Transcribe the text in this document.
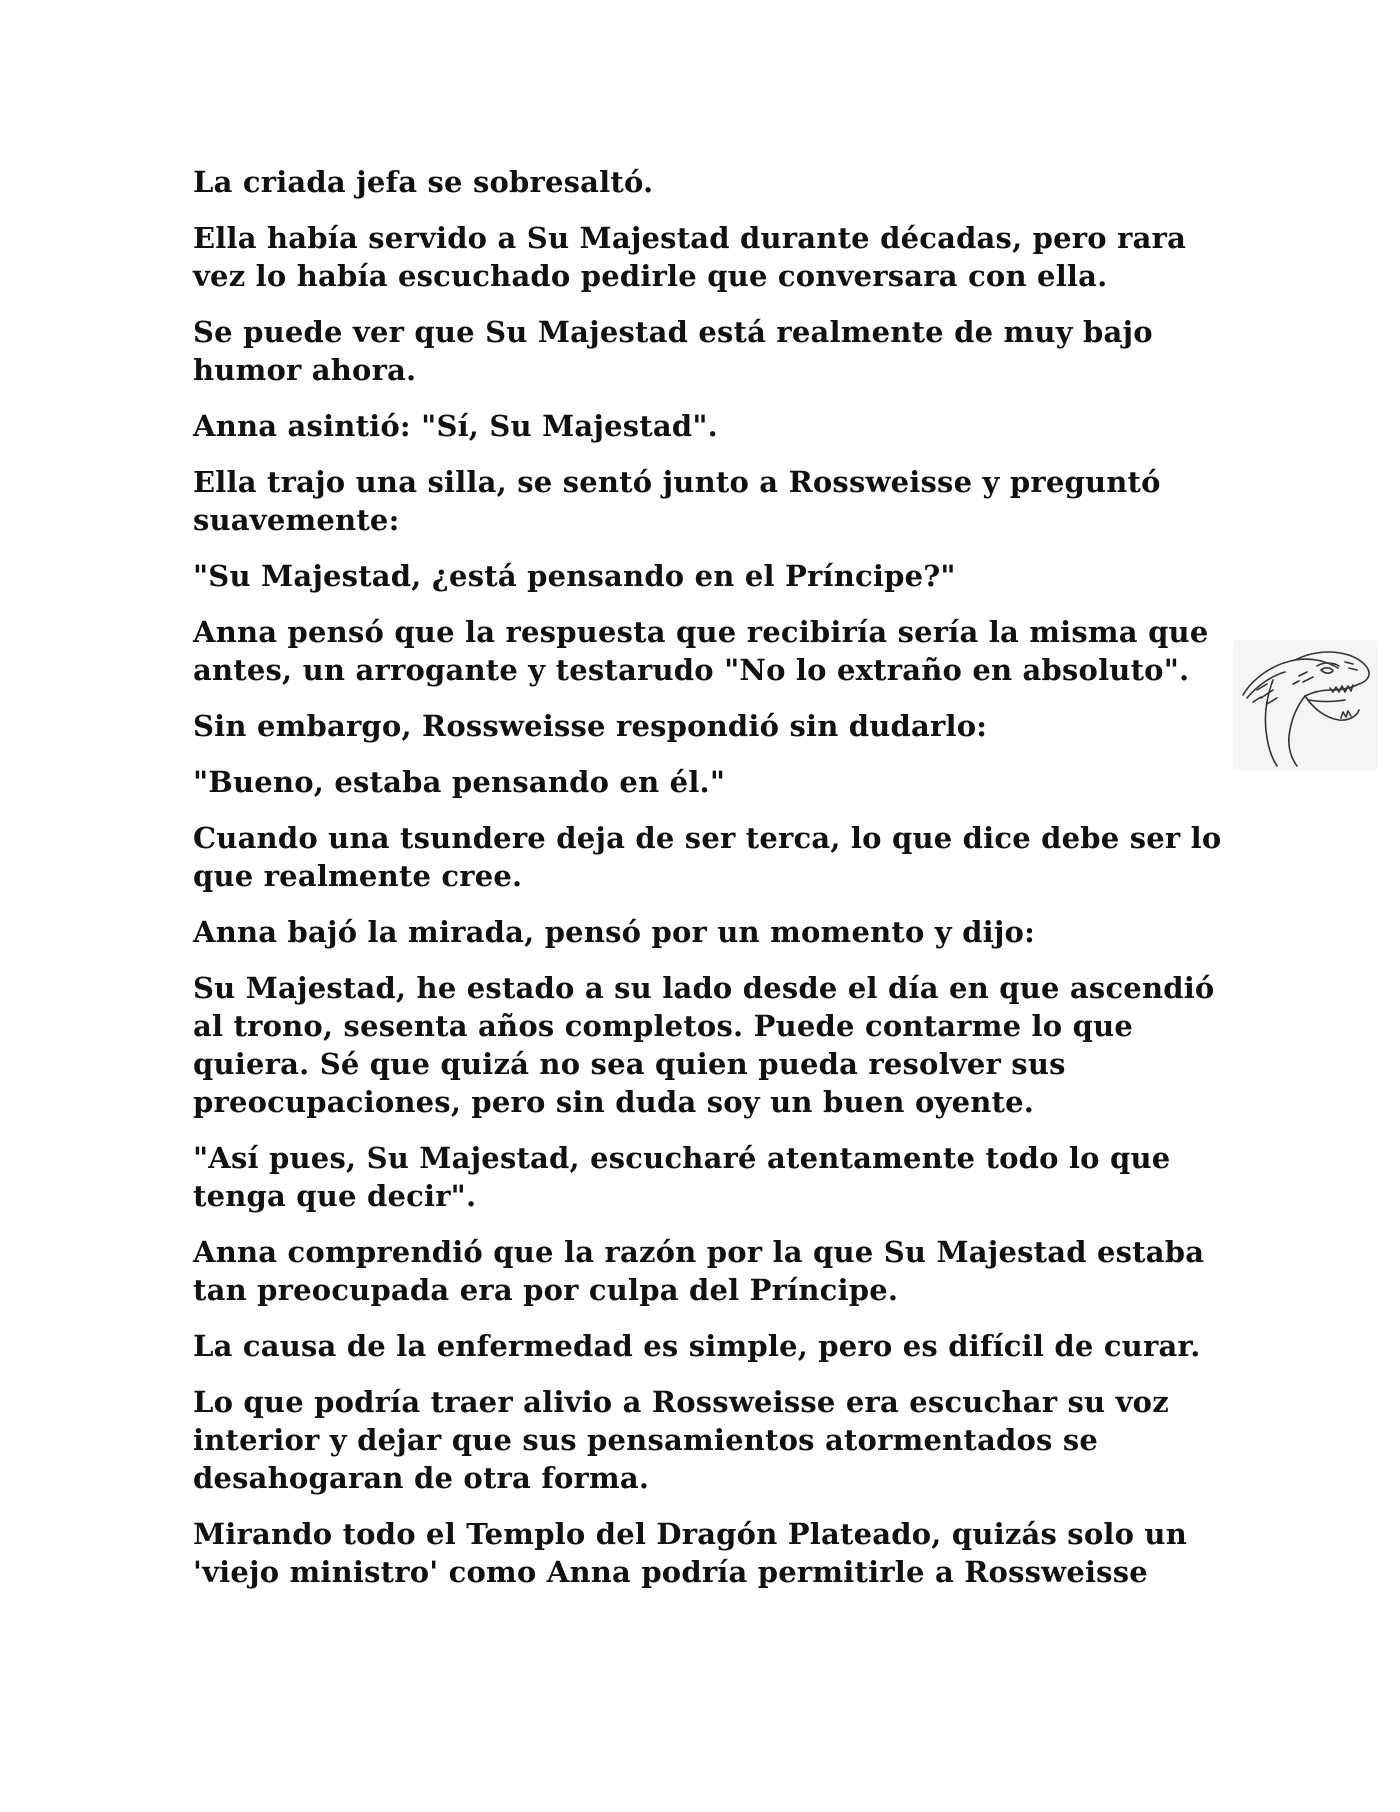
La criada jefa se sobresaltó.

Ella había servido a Su Majestad durante décadas, pero rara vez lo había escuchado pedirle que conversara con ella.

Se puede ver que Su Majestad está realmente de muy bajo humor ahora.

Anna asintió: "Sí, Su Majestad".

Ella trajo una silla, se sentó junto a Rossweisse y preguntó suavemente:

"Su Majestad, ¿está pensando en el Príncipe?"

Anna pensó que la respuesta que recibiría sería la misma que antes, un arrogante y testarudo "No lo extraño en absoluto".

Sin embargo, Rossweisse respondió sin dudarlo:

"Bueno, estaba pensando en él."

Cuando una tsundere deja de ser terca, lo que dice debe ser lo que realmente cree.

Anna bajó la mirada, pensó por un momento y dijo:

Su Majestad, he estado a su lado desde el día en que ascendió al trono, sesenta años completos. Puede contarme lo que quiera. Sé que quizá no sea quien pueda resolver sus preocupaciones, pero sin duda soy un buen oyente.

"Así pues, Su Majestad, escucharé atentamente todo lo que tenga que decir".

Anna comprendió que la razón por la que Su Majestad estaba tan preocupada era por culpa del Príncipe.

La causa de la enfermedad es simple, pero es difícil de curar.

Lo que podría traer alivio a Rossweisse era escuchar su voz interior y dejar que sus pensamientos atormentados se desahogaran de otra forma.

Mirando todo el Templo del Dragón Plateado, quizás solo un 'viejo ministro' como Anna podría permitirle a Rossweisse
